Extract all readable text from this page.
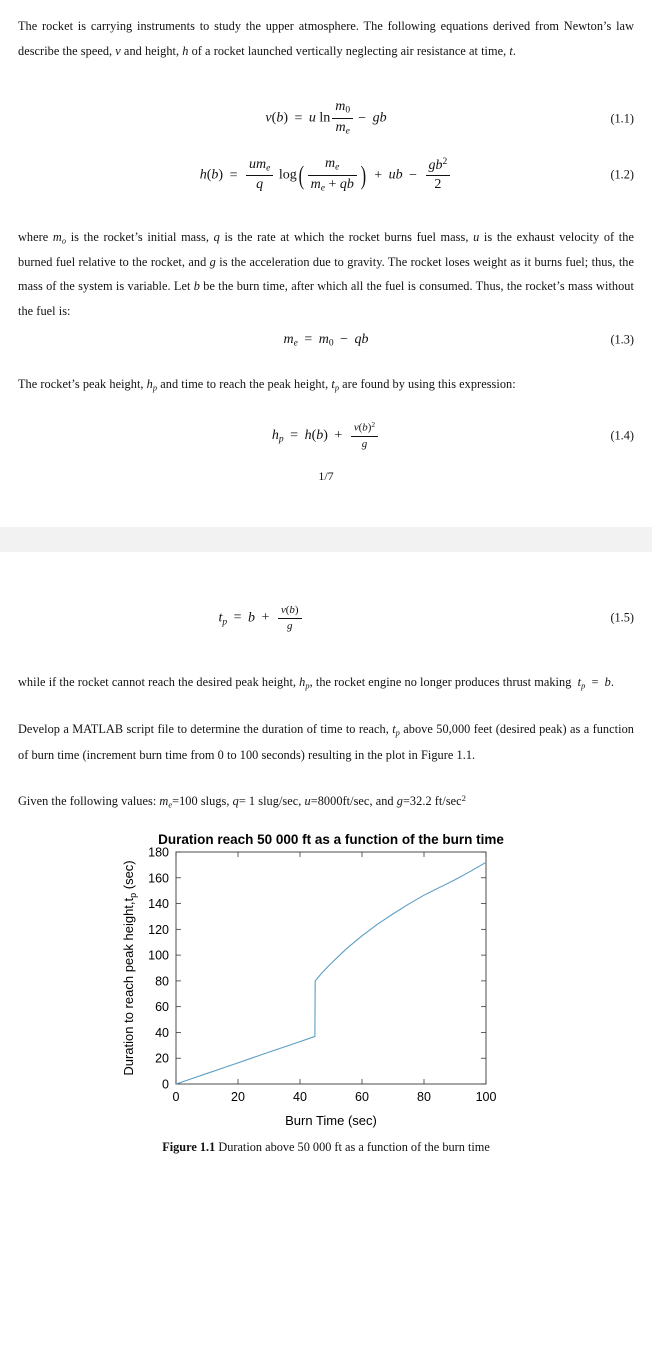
The rocket is carrying instruments to study the upper atmosphere. The following equations derived from Newton’s law describe the speed, v and height, h of a rocket launched vertically neglecting air resistance at time, t.

v(b) = u $\ln \frac{m0}{me}$ − gb	(1.1)
$h(b) = \frac{\text{ume}}{q} \log( \frac{me}{me + qb}$ ) + ub − $\frac{gb^2}{2}$	(1.2)

where mo is the rocket’s initial mass, q is the rate at which the rocket burns fuel mass, u is the exhaust velocity of the burned fuel relative to the rocket, and g is the acceleration due to gravity. The rocket loses weight as it burns fuel; thus, the mass of the system is variable. Let b be the burn time, after which all the fuel is consumed. Thus, the rocket’s mass without the fuel is:

me = m0 − qb	(1.3)

The rocket’s peak height, hp and time to reach the peak height, tp are found by using this expression:

hp = $h(b) + \frac{v(b)^2}{g}$	(1.4)
1/7
tp = $b + \frac{v(b)}{g}$	(1.5)

while if the rocket cannot reach the desired peak height, hp, the rocket engine no longer produces thrust making  tp = b.

Develop a MATLAB script file to determine the duration of time to reach, tp above 50,000 feet (desired peak) as a function of burn time (increment burn time from 0 to 100 seconds) resulting in the plot in Figure 1.1.

Given the following values: me=100 slugs, q= 1 slug/sec, u=8000ft/sec, and g=32.2 $ft/\sec^2$

Duration reach 50 000 ft as a function of the burn time
0
20
40
60
80
100
120
140
160
180
0	20	40	60	80	100
Burn Time (sec)
Duration to reach peak $height,t_p$ (sec)
Figure 1.1 Duration above 50 000 ft as a function of the burn time
